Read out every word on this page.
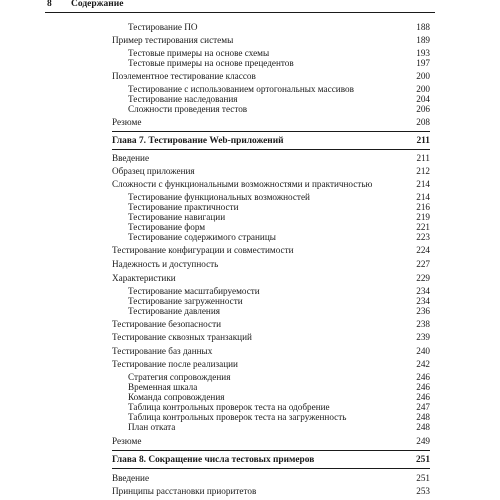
8 Содержание
Тестирование ПО	188
Пример тестирования системы	189
Тестовые примеры на основе схемы	193
Тестовые примеры на основе прецедентов	197
Поэлементное тестирование классов	200
Тестирование с использованием ортогональных массивов	200
Тестирование наследования	204
Сложности проведения тестов	206
Резюме	208
Глава 7. Тестирование Web-приложений	211
Введение	211
Образец приложения	212
Сложности с функциональными возможностями и практичностью	214
Тестирование функциональных возможностей	214
Тестирование практичности	216
Тестирование навигации	219
Тестирование форм	221
Тестирование содержимого страницы	223
Тестирование конфигурации и совместимости	224
Надежность и доступность	227
Характеристики	229
Тестирование масштабируемости	234
Тестирование загруженности	234
Тестирование давления	236
Тестирование безопасности	238
Тестирование сквозных транзакций	239
Тестирование баз данных	240
Тестирование после реализации	242
Стратегия сопровождения	246
Временная шкала	246
Команда сопровождения	246
Таблица контрольных проверок теста на одобрение	247
Таблица контрольных проверок теста на загруженность	248
План отката	248
Резюме	249
Глава 8. Сокращение числа тестовых примеров	251
Введение	251
Принципы расстановки приоритетов	253
